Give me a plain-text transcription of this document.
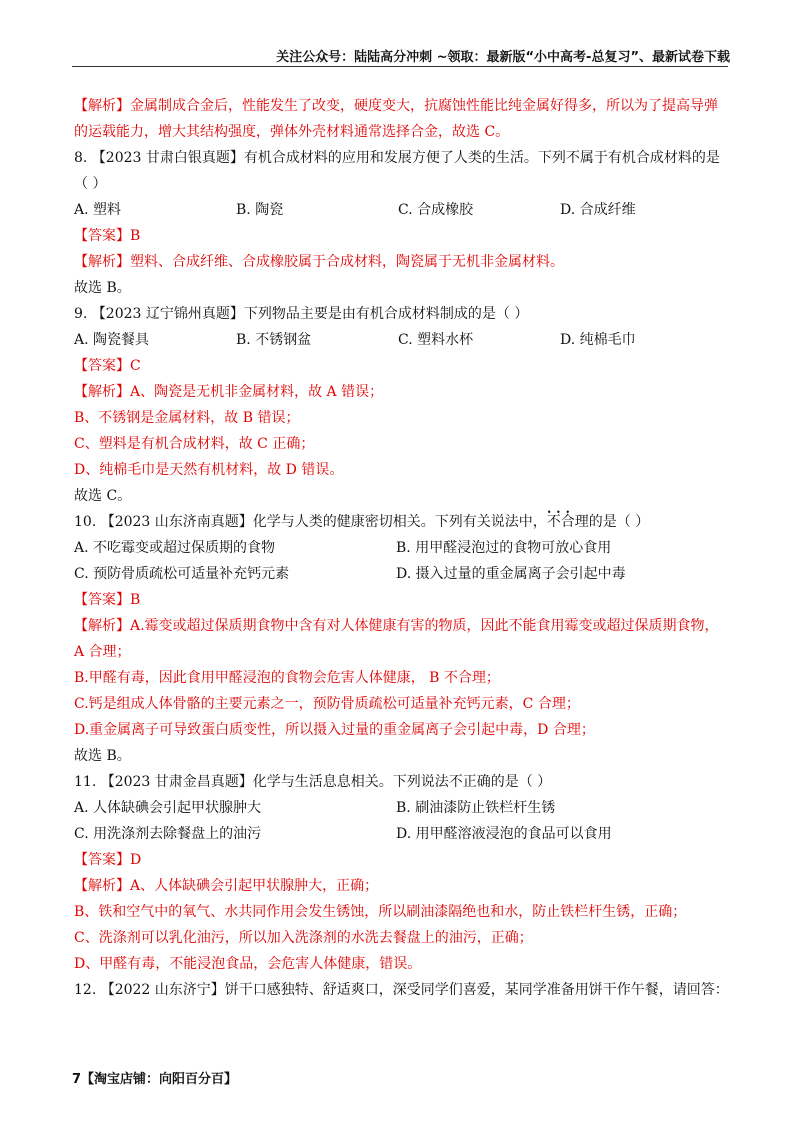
关注公众号：陆陆高分冲刺 ~领取：最新版“小中高考-总复习”、最新试卷下载
【解析】金属制成合金后，性能发生了改变，硬度变大，抗腐蚀性能比纯金属好得多，所以为了提高导弹
的运载能力，增大其结构强度，弹体外壳材料通常选择合金，故选 C。
8. 【2023 甘肃白银真题】有机合成材料的应用和发展方便了人类的生活。下列不属于有机合成材料的是
（ ）
A. 塑料	B. 陶瓷	C. 合成橡胶	D. 合成纤维
【答案】B
【解析】塑料、合成纤维、合成橡胶属于合成材料，陶瓷属于无机非金属材料。
故选 B。
9. 【2023 辽宁锦州真题】下列物品主要是由有机合成材料制成的是（ ）
A. 陶瓷餐具	B. 不锈钢盆	C. 塑料水杯	D. 纯棉毛巾
【答案】C
【解析】A、陶瓷是无机非金属材料，故 A 错误；
B、不锈钢是金属材料，故 B 错误；
C、塑料是有机合成材料，故 C 正确；
D、纯棉毛巾是天然有机材料，故 D 错误。
故选 C。
10. 【2023 山东济南真题】化学与人类的健康密切相关。下列有关说法中，• • • 不合理的是（ ）
A. 不吃霉变或超过保质期的食物	B. 用甲醛浸泡过的食物可放心食用
C. 预防骨质疏松可适量补充钙元素	D. 摄入过量的重金属离子会引起中毒
【答案】B
【解析】A.霉变或超过保质期食物中含有对人体健康有害的物质，因此不能食用霉变或超过保质期食物，
A 合理；
B.甲醛有毒，因此食用甲醛浸泡的食物会危害人体健康， B 不合理；
C.钙是组成人体骨骼的主要元素之一，预防骨质疏松可适量补充钙元素，C 合理；
D.重金属离子可导致蛋白质变性，所以摄入过量的重金属离子会引起中毒，D 合理；
故选 B。
11. 【2023 甘肃金昌真题】化学与生活息息相关。下列说法不正确的是（ ）
A. 人体缺碘会引起甲状腺肿大	B. 刷油漆防止铁栏杆生锈
C. 用洗涤剂去除餐盘上的油污	D. 用甲醛溶液浸泡的食品可以食用
【答案】D
【解析】A、人体缺碘会引起甲状腺肿大，正确；
B、铁和空气中的氧气、水共同作用会发生锈蚀，所以刷油漆隔绝也和水，防止铁栏杆生锈，正确；
C、洗涤剂可以乳化油污，所以加入洗涤剂的水洗去餐盘上的油污，正确；
D、甲醛有毒，不能浸泡食品，会危害人体健康，错误。
12. 【2022 山东济宁】饼干口感独特、舒适爽口，深受同学们喜爱，某同学准备用饼干作午餐，请回答：
7【淘宝店铺：向阳百分百】
